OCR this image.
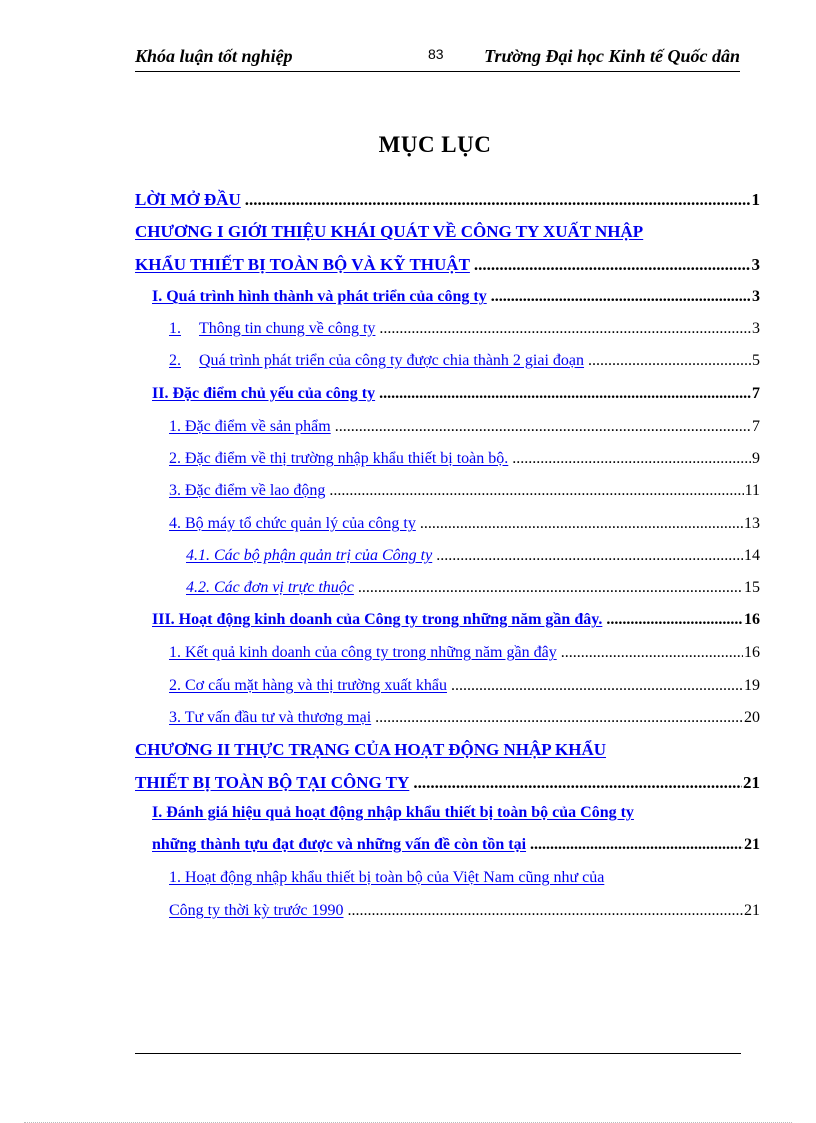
Khóa luận tốt nghiệp	83 Trường Đại học Kinh tế Quốc dân
MỤC LỤC
LỜI MỞ ĐẦU .....	1
CHƯƠNG I GIỚI THIỆU KHÁI QUÁT VỀ CÔNG TY XUẤT NHẬP
KHẨU THIẾT BỊ TOÀN BỘ VÀ KỸ THUẬT .....	3
I. Quá trình hình thành và phát triển của công ty .....	3
1. Thông tin chung về công ty .....	3
2. Quá trình phát triển của công ty được chia thành 2 giai đoạn .....	5
II. Đặc điểm chủ yếu của công ty .....	7
1. Đặc điểm về sản phẩm .....	7
2. Đặc điểm về thị trường nhập khẩu thiết bị toàn bộ. .....	9
3. Đặc điểm về lao động .....	11
4. Bộ máy tổ chức quản lý của công ty .....	13
4.1. Các bộ phận quản trị của Công ty .....	14
4.2. Các đơn vị trực thuộc .....	15
III. Hoạt động kinh doanh của Công ty trong những năm gần đây. .....	16
1. Kết quả kinh doanh của công ty trong những năm gần đây .....	16
2. Cơ cấu mặt hàng và thị trường xuất khẩu .....	19
3. Tư vấn đầu tư và thương mại .....	20
CHƯƠNG II THỰC TRẠNG CỦA HOẠT ĐỘNG NHẬP KHẨU
THIẾT BỊ TOÀN BỘ TẠI CÔNG TY .....	21
I. Đánh giá hiệu quả hoạt động nhập khẩu thiết bị toàn bộ của Công ty
những thành tựu đạt được và những vấn đề còn tồn tại .....	21
1. Hoạt động nhập khẩu thiết bị toàn bộ của Việt Nam cũng như của
Công ty thời kỳ trước 1990 .....	21
